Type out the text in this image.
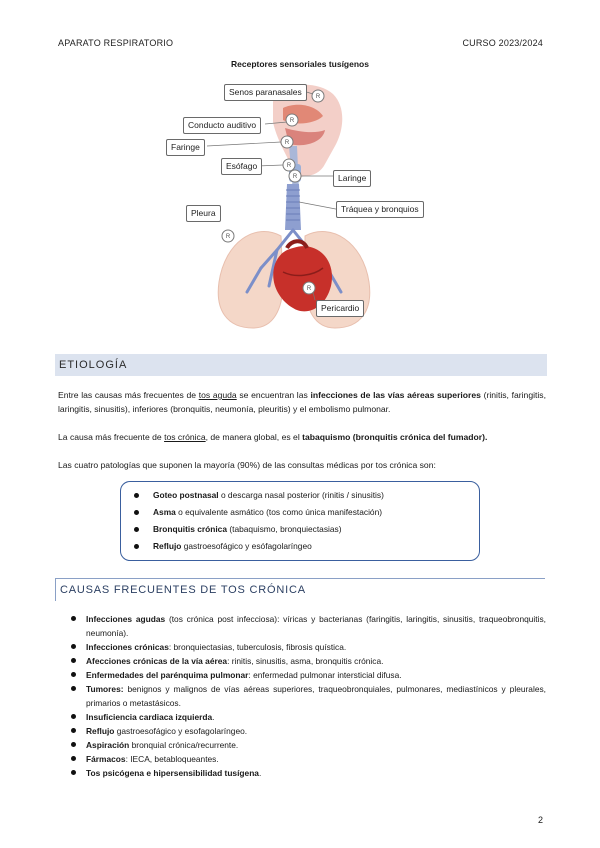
APARATO RESPIRATORIO	CURSO 2023/2024
Receptores sensoriales tusígenos
R
R
R
R
R
R
R
Senos paranasales
Conducto auditivo
Faringe
Esófago
Laringe
Pleura	Tráquea y bronquios
Pericardio
ETIOLOGÍA
Entre las causas más frecuentes de tos aguda se encuentran las infecciones de las vías aéreas superiores (rinitis, faringitis, laringitis, sinusitis), inferiores (bronquitis, neumonía, pleuritis) y el embolismo pulmonar.
La causa más frecuente de tos crónica, de manera global, es el tabaquismo (bronquitis crónica del fumador).
Las cuatro patologías que suponen la mayoría (90%) de las consultas médicas por tos crónica son:
Goteo postnasal o descarga nasal posterior (rinitis / sinusitis)
Asma o equivalente asmático (tos como única manifestación)
Bronquitis crónica (tabaquismo, bronquiectasias)
Reflujo gastroesofágico y esófagolaríngeo
CAUSAS FRECUENTES DE TOS CRÓNICA
Infecciones agudas (tos crónica post infecciosa): víricas y bacterianas (faringitis, laringitis, sinusitis, traqueobronquitis, neumonía).
Infecciones crónicas: bronquiectasias, tuberculosis, fibrosis quística.
Afecciones crónicas de la vía aérea: rinitis, sinusitis, asma, bronquitis crónica.
Enfermedades del parénquima pulmonar: enfermedad pulmonar intersticial difusa.
Tumores: benignos y malignos de vías aéreas superiores, traqueobronquiales, pulmonares, mediastínicos y pleurales, primarios o metastásicos.
Insuficiencia cardiaca izquierda.
Reflujo gastroesofágico y esofagolaríngeo.
Aspiración bronquial crónica/recurrente.
Fármacos: IECA, betabloqueantes.
Tos psicógena e hipersensibilidad tusígena.
2
